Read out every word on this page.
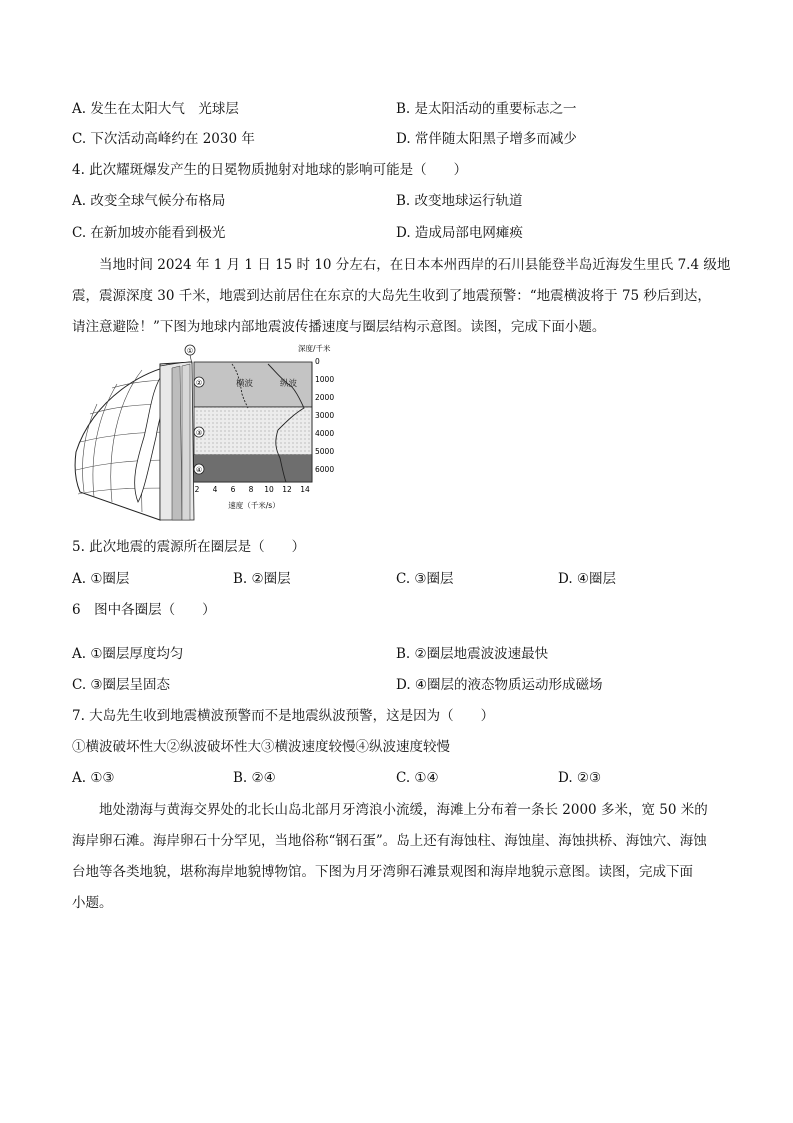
A. 发生在太阳大气　光球层	B. 是太阳活动的重要标志之一
C. 下次活动高峰约在 2030 年	D. 常伴随太阳黑子增多而减少
4. 此次耀斑爆发产生的日冕物质抛射对地球的影响可能是（　　）
A. 改变全球气候分布格局	B. 改变地球运行轨道
C. 在新加坡亦能看到极光	D. 造成局部电网瘫痪
当地时间 2024 年 1 月 1 日 15 时 10 分左右，在日本本州西岸的石川县能登半岛近海发生里氏 7.4 级地
震，震源深度 30 千米，地震到达前居住在东京的大岛先生收到了地震预警：“地震横波将于 75 秒后到达，
请注意避险！”下图为地球内部地震波传播速度与圈层结构示意图。读图，完成下面小题。
①
②
③
④
横波	纵波
深度/千米
0
1000
2000
3000
4000
5000
6000
2 4 6 8 10 12 14
速度（千米/s）
5. 此次地震的震源所在圈层是（　　）
A. ①圈层	B. ②圈层	C. ③圈层	D. ④圈层
6　图中各圈层（　　）
A. ①圈层厚度均匀	B. ②圈层地震波波速最快
C. ③圈层呈固态	D. ④圈层的液态物质运动形成磁场
7. 大岛先生收到地震横波预警而不是地震纵波预警，这是因为（　　）
①横波破坏性大②纵波破坏性大③横波速度较慢④纵波速度较慢
A. ①③	B. ②④	C. ①④	D. ②③
地处渤海与黄海交界处的北长山岛北部月牙湾浪小流缓，海滩上分布着一条长 2000 多米，宽 50 米的
海岸卵石滩。海岸卵石十分罕见，当地俗称“钢石蛋”。岛上还有海蚀柱、海蚀崖、海蚀拱桥、海蚀穴、海蚀
台地等各类地貌，堪称海岸地貌博物馆。下图为月牙湾卵石滩景观图和海岸地貌示意图。读图，完成下面
小题。
